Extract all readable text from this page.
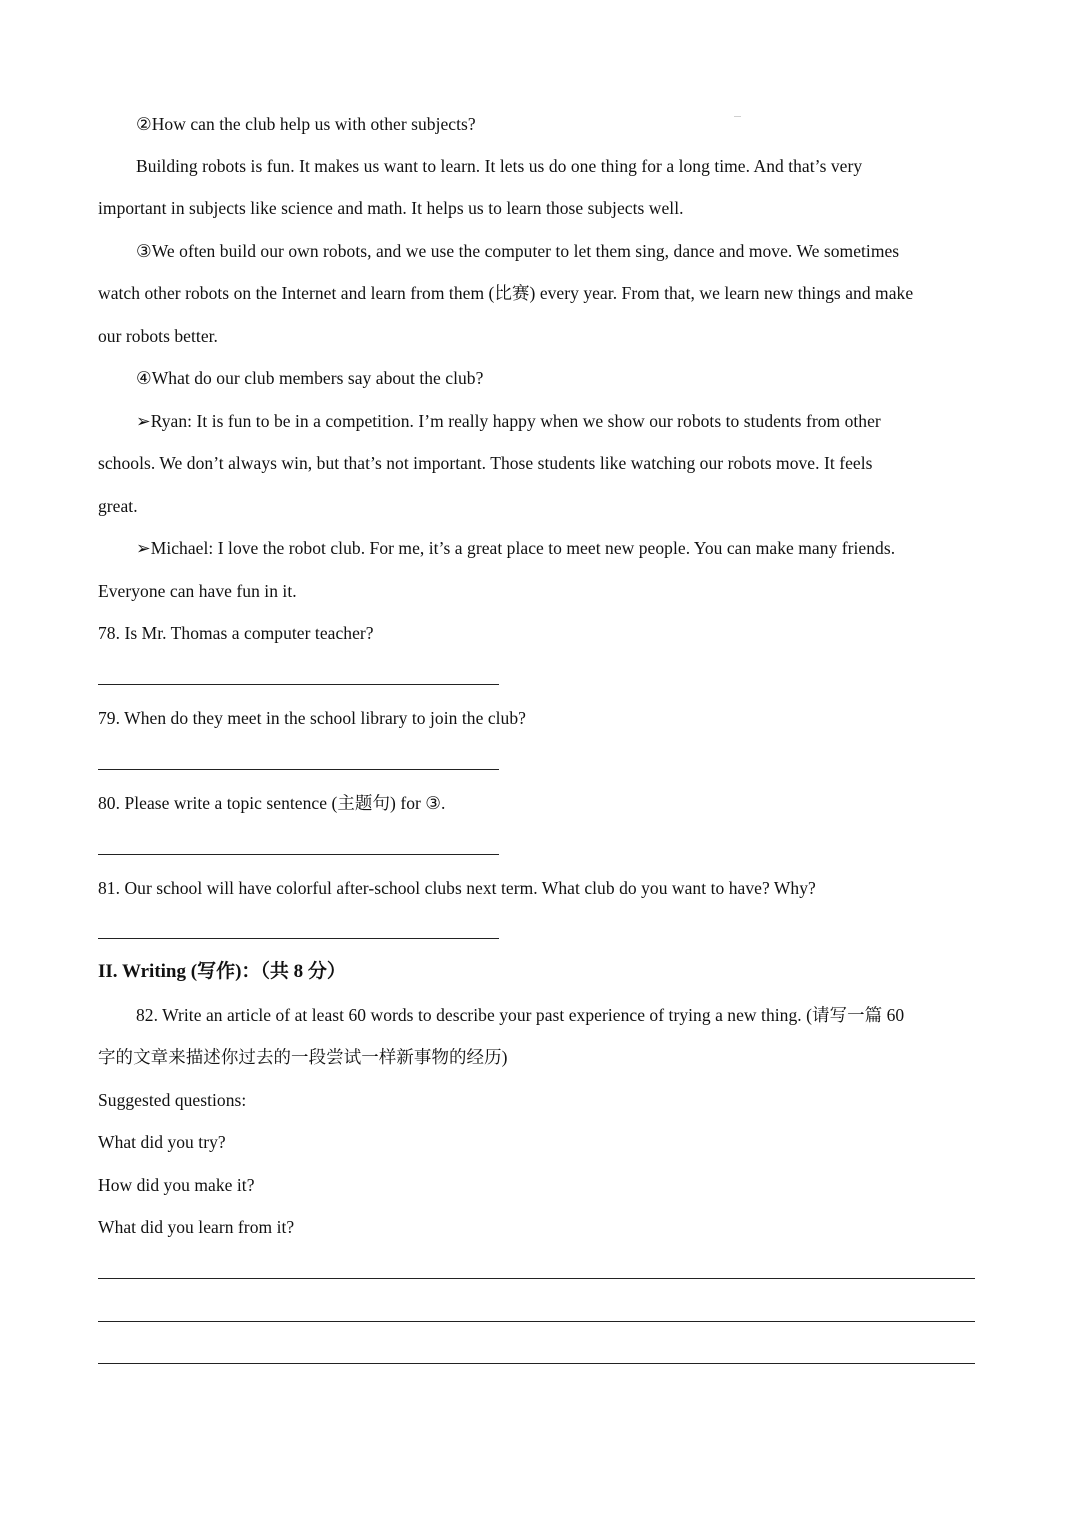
②How can the club help us with other subjects?
Building robots is fun. It makes us want to learn. It lets us do one thing for a long time. And that’s very
important in subjects like science and math. It helps us to learn those subjects well.
③We often build our own robots, and we use the computer to let them sing, dance and move. We sometimes
watch other robots on the Internet and learn from them (比赛) every year. From that, we learn new things and make
our robots better.
④What do our club members say about the club?
➢Ryan: It is fun to be in a competition. I’m really happy when we show our robots to students from other
schools. We don’t always win, but that’s not important. Those students like watching our robots move. It feels
great.
➢Michael: I love the robot club. For me, it’s a great place to meet new people. You can make many friends.
Everyone can have fun in it.
78. Is Mr. Thomas a computer teacher?
79. When do they meet in the school library to join the club?
80. Please write a topic sentence (主题句) for ③.
81. Our school will have colorful after-school clubs next term. What club do you want to have? Why?
II. Writing (写作)：（共 8 分）
82. Write an article of at least 60 words to describe your past experience of trying a new thing. (请写一篇 60
字的文章来描述你过去的一段尝试一样新事物的经历)
Suggested questions:
What did you try?
How did you make it?
What did you learn from it?
